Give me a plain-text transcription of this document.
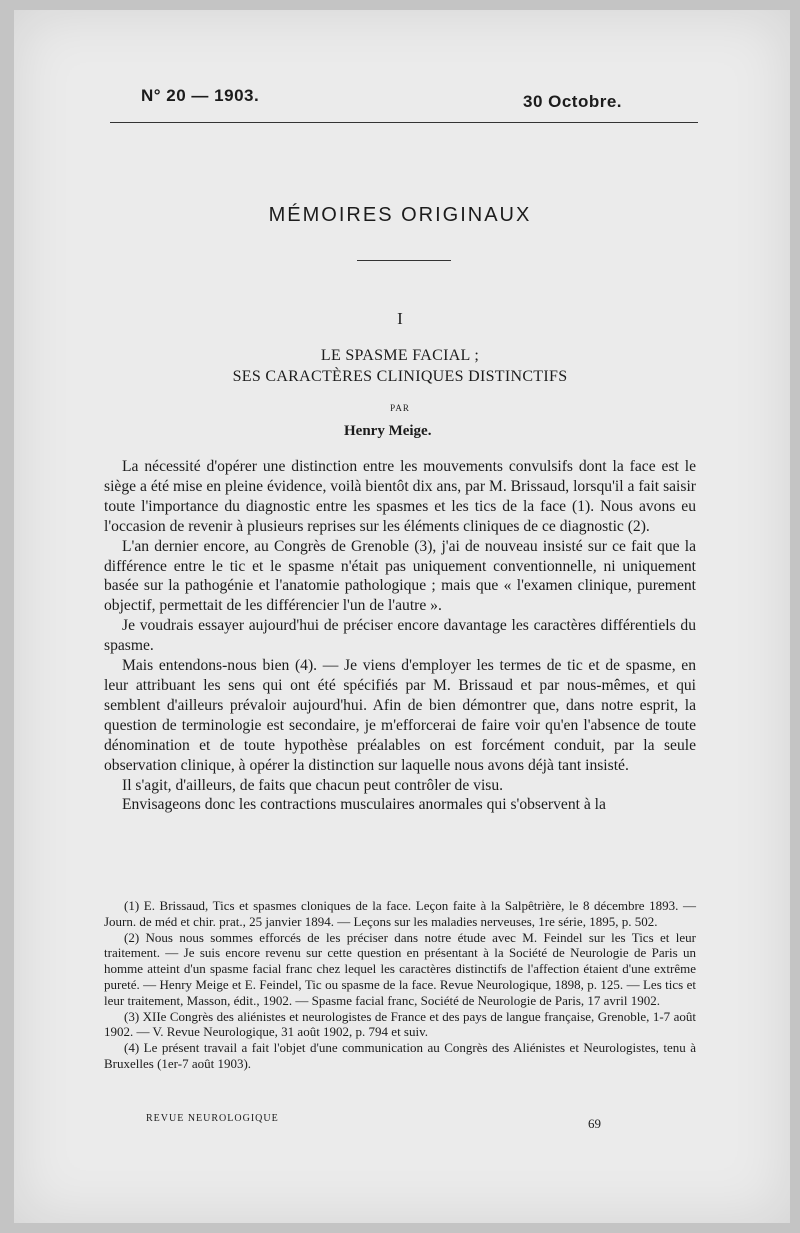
N° 20 — 1903.	30 Octobre.
MÉMOIRES ORIGINAUX
I
LE SPASME FACIAL ;
SES CARACTÈRES CLINIQUES DISTINCTIFS
PAR
Henry Meige.

La nécessité d'opérer une distinction entre les mouvements convulsifs dont la face est le siège a été mise en pleine évidence, voilà bientôt dix ans, par M. Brissaud, lorsqu'il a fait saisir toute l'importance du diagnostic entre les spasmes et les tics de la face (1). Nous avons eu l'occasion de revenir à plusieurs reprises sur les éléments cliniques de ce diagnostic (2).

L'an dernier encore, au Congrès de Grenoble (3), j'ai de nouveau insisté sur ce fait que la différence entre le tic et le spasme n'était pas uniquement conventionnelle, ni uniquement basée sur la pathogénie et l'anatomie pathologique ; mais que « l'examen clinique, purement objectif, permettait de les différencier l'un de l'autre ».

Je voudrais essayer aujourd'hui de préciser encore davantage les caractères différentiels du spasme.

Mais entendons-nous bien (4). — Je viens d'employer les termes de tic et de spasme, en leur attribuant les sens qui ont été spécifiés par M. Brissaud et par nous-mêmes, et qui semblent d'ailleurs prévaloir aujourd'hui. Afin de bien démontrer que, dans notre esprit, la question de terminologie est secondaire, je m'efforcerai de faire voir qu'en l'absence de toute dénomination et de toute hypothèse préalables on est forcément conduit, par la seule observation clinique, à opérer la distinction sur laquelle nous avons déjà tant insisté.

Il s'agit, d'ailleurs, de faits que chacun peut contrôler de visu.

Envisageons donc les contractions musculaires anormales qui s'observent à la

(1) E. Brissaud, Tics et spasmes cloniques de la face. Leçon faite à la Salpêtrière, le 8 décembre 1893. — Journ. de méd et chir. prat., 25 janvier 1894. — Leçons sur les maladies nerveuses, 1re série, 1895, p. 502.

(2) Nous nous sommes efforcés de les préciser dans notre étude avec M. Feindel sur les Tics et leur traitement. — Je suis encore revenu sur cette question en présentant à la Société de Neurologie de Paris un homme atteint d'un spasme facial franc chez lequel les caractères distinctifs de l'affection étaient d'une extrême pureté. — Henry Meige et E. Feindel, Tic ou spasme de la face. Revue Neurologique, 1898, p. 125. — Les tics et leur traitement, Masson, édit., 1902. — Spasme facial franc, Société de Neurologie de Paris, 17 avril 1902.

(3) XIIe Congrès des aliénistes et neurologistes de France et des pays de langue française, Grenoble, 1-7 août 1902. — V. Revue Neurologique, 31 août 1902, p. 794 et suiv.

(4) Le présent travail a fait l'objet d'une communication au Congrès des Aliénistes et Neurologistes, tenu à Bruxelles (1er-7 août 1903).

REVUE NEUROLOGIQUE	69
